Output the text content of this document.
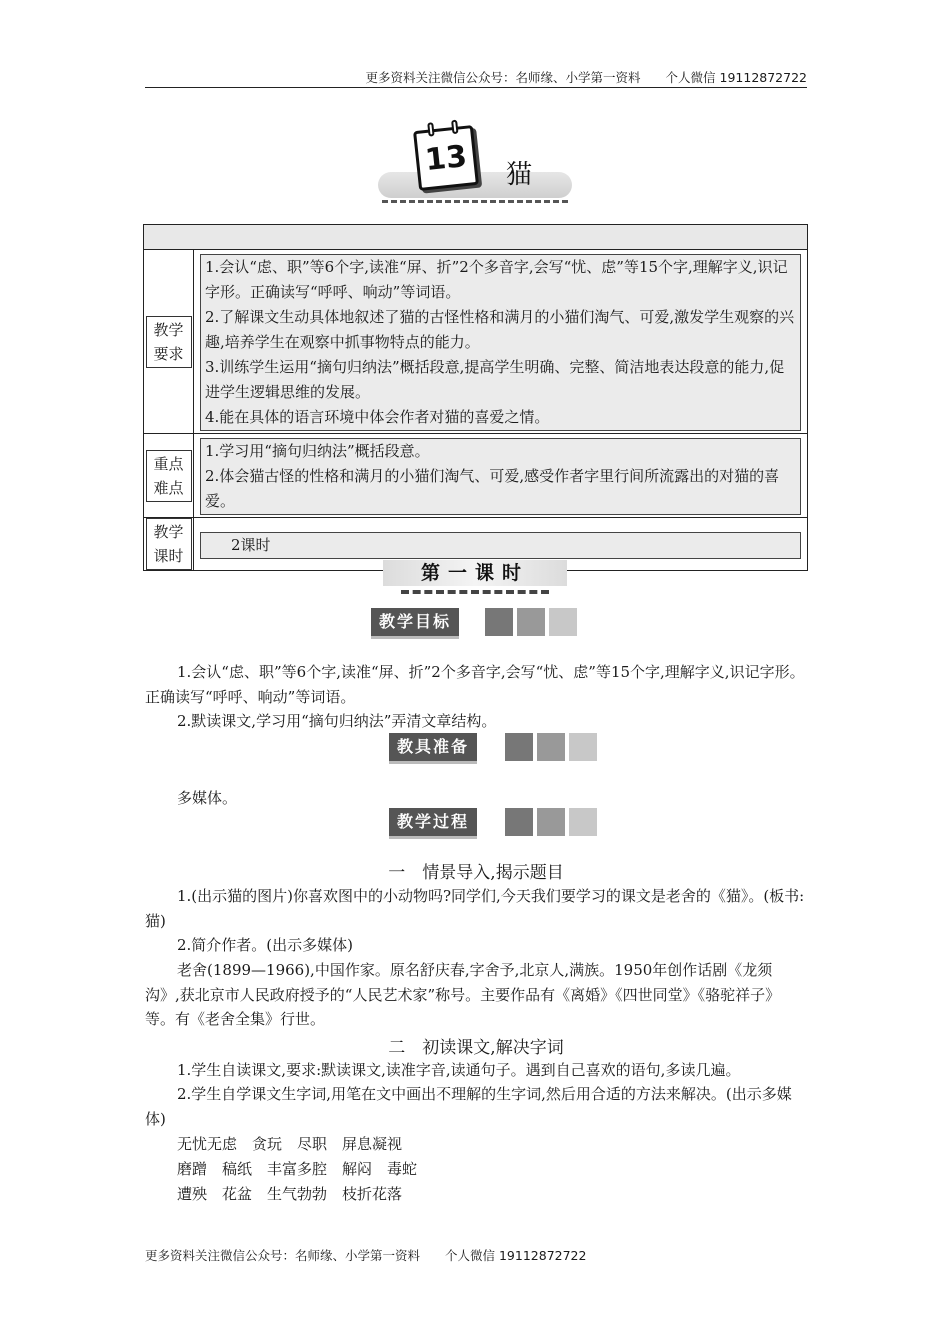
更多资料关注微信公众号：名师缘、小学第一资料　　个人微信 19112872722
13 猫

教学要求	1.会认“虑、职”等6个字,读准“屏、折”2个多音字,会写“忧、虑”等15个字,理解字义,识记字形。正确读写“呼呼、响动”等词语。

2.了解课文生动具体地叙述了猫的古怪性格和满月的小猫们淘气、可爱,激发学生观察的兴趣,培养学生在观察中抓事物特点的能力。

3.训练学生运用“摘句归纳法”概括段意,提高学生明确、完整、简洁地表达段意的能力,促进学生逻辑思维的发展。

4.能在具体的语言环境中体会作者对猫的喜爱之情。

重点难点	1.学习用“摘句归纳法”概括段意。

2.体会猫古怪的性格和满月的小猫们淘气、可爱,感受作者字里行间所流露出的对猫的喜爱。

教学课时	2课时

第一课时
教学目标
1.会认“虑、职”等6个字,读准“屏、折”2个多音字,会写“忧、虑”等15个字,理解字义,识记字形。正确读写“呼呼、响动”等词语。
2.默读课文,学习用“摘句归纳法”弄清文章结构。
教具准备
多媒体。
教学过程
一　情景导入,揭示题目
1.(出示猫的图片)你喜欢图中的小动物吗?同学们,今天我们要学习的课文是老舍的《猫》。(板书:猫)
2.简介作者。(出示多媒体)
老舍(1899—1966),中国作家。原名舒庆春,字舍予,北京人,满族。1950年创作话剧《龙须沟》,获北京市人民政府授予的“人民艺术家”称号。主要作品有《离婚》《四世同堂》《骆驼祥子》等。有《老舍全集》行世。
二　初读课文,解决字词
1.学生自读课文,要求:默读课文,读准字音,读通句子。遇到自己喜欢的语句,多读几遍。
2.学生自学课文生字词,用笔在文中画出不理解的生字词,然后用合适的方法来解决。(出示多媒体)
无忧无虑　贪玩　尽职　屏息凝视
磨蹭　稿纸　丰富多腔　解闷　毒蛇
遭殃　花盆　生气勃勃　枝折花落
更多资料关注微信公众号：名师缘、小学第一资料　　个人微信 19112872722
